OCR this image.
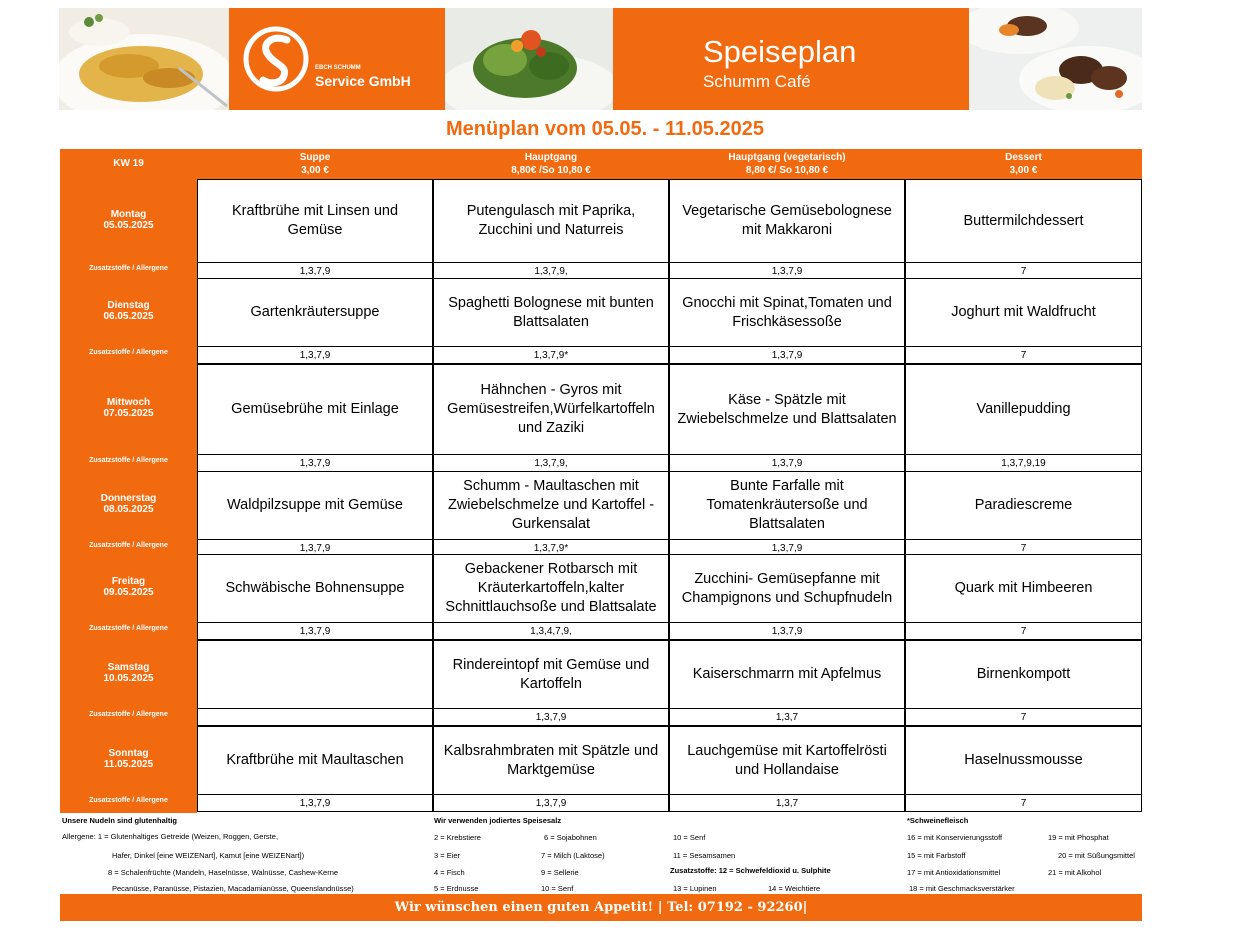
EBCH SCHUMM
Service GmbH
Speiseplan
Schumm Café
Menüplan vom 05.05. - 11.05.2025
KW 19
Suppe
3,00 €
Hauptgang
8,80€ /So 10,80 €
Hauptgang (vegetarisch)
8,80 €/ So 10,80 €
Dessert
3,00 €
Montag
05.05.2025
Zusatzstoffe / Allergene
Kraftbrühe mit Linsen und Gemüse
1,3,7,9
Putengulasch mit Paprika, Zucchini und Naturreis
1,3,7,9,
Vegetarische Gemüsebolognese mit Makkaroni
1,3,7,9
Buttermilchdessert
7
Dienstag
06.05.2025
Zusatzstoffe / Allergene
Gartenkräutersuppe
1,3,7,9
Spaghetti Bolognese mit bunten Blattsalaten
1,3,7,9*
Gnocchi mit Spinat,Tomaten und Frischkäsessoße
1,3,7,9
Joghurt mit Waldfrucht
7
Mittwoch
07.05.2025
Zusatzstoffe / Allergene
Gemüsebrühe mit Einlage
1,3,7,9
Hähnchen - Gyros mit Gemüsestreifen,Würfelkartoffeln und Zaziki
1,3,7,9,
Käse - Spätzle mit Zwiebelschmelze und Blattsalaten
1,3,7,9
Vanillepudding
1,3,7,9,19
Donnerstag
08.05.2025
Zusatzstoffe / Allergene
Waldpilzsuppe mit Gemüse
1,3,7,9
Schumm - Maultaschen mit Zwiebelschmelze und Kartoffel - Gurkensalat
1,3,7,9*
Bunte Farfalle mit Tomatenkräutersoße und Blattsalaten
1,3,7,9
Paradiescreme
7
Freitag
09.05.2025
Zusatzstoffe / Allergene
Schwäbische Bohnensuppe
1,3,7,9
Gebackener Rotbarsch mit Kräuterkartoffeln,kalter Schnittlauchsoße und Blattsalate
1,3,4,7,9,
Zucchini- Gemüsepfanne mit Champignons und Schupfnudeln
1,3,7,9
Quark mit Himbeeren
7
Samstag
10.05.2025
Zusatzstoffe / Allergene
Rindereintopf mit Gemüse und Kartoffeln
1,3,7,9
Kaiserschmarrn mit Apfelmus
1,3,7
Birnenkompott
7
Sonntag
11.05.2025
Zusatzstoffe / Allergene
Kraftbrühe mit Maultaschen
1,3,7,9
Kalbsrahmbraten mit Spätzle und Marktgemüse
1,3,7,9
Lauchgemüse mit Kartoffelrösti und Hollandaise
1,3,7
Haselnussmousse
7
Unsere Nudeln sind glutenhaltig
Allergene: 1 = Glutenhaltiges Getreide (Weizen, Roggen, Gerste,
Hafer, Dinkel [eine WEIZENart], Kamut [eine WEIZENart])
8 = Schalenfrüchte (Mandeln, Haselnüsse, Walnüsse, Cashew-Kerne
Pecanüsse, Paranüsse, Pistazien, Macadamianüsse, Queenslandnüsse)
Wir verwenden jodiertes Speisesalz
2 = Krebstiere
3 = Eier
4 = Fisch
5 = Erdnusse
6 = Sojabohnen
7 = Milch (Laktose)
9 = Sellerie
10 = Senf
10 = Senf
11 = Sesamsamen
Zusatzstoffe: 12 = Schwefeldioxid u. Sulphite
13 = Lupinen	14 = Weichtiere
*Schweinefleisch
16 = mit Konservierungsstoff
15 = mit Farbstoff
17 = mit Antioxidationsmittel
18 = mit Geschmacksverstärker
19 = mit Phosphat
20 = mit Süßungsmittel
21 = mit Alkohol
Wir wünschen einen guten Appetit! | Tel: 07192 - 92260|
